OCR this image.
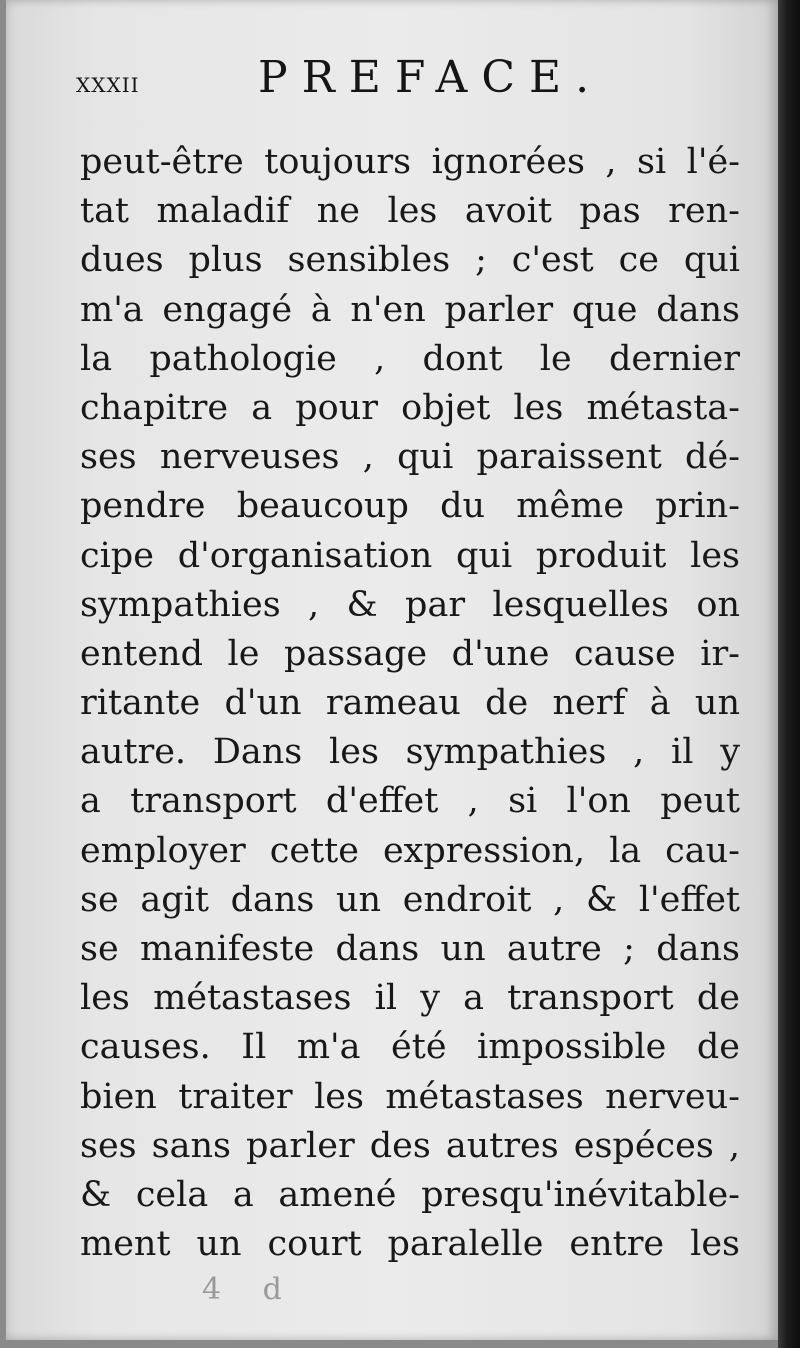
xxxii	PREFACE.
peut-être toujours ignorées , si l'é-
tat maladif ne les avoit pas ren-
dues plus sensibles ; c'est ce qui
m'a engagé à n'en parler que dans
la pathologie , dont le dernier
chapitre a pour objet les métasta-
ses nerveuses , qui paraissent dé-
pendre beaucoup du même prin-
cipe d'organisation qui produit les
sympathies , & par lesquelles on
entend le passage d'une cause ir-
ritante d'un rameau de nerf à un
autre. Dans les sympathies , il y
a transport d'effet , si l'on peut
employer cette expression, la cau-
se agit dans un endroit , & l'effet
se manifeste dans un autre ; dans
les métastases il y a transport de
causes. Il m'a été impossible de
bien traiter les métastases nerveu-
ses sans parler des autres espéces ,
& cela a amené presqu'inévitable-
ment un court paralelle entre les
4 d
